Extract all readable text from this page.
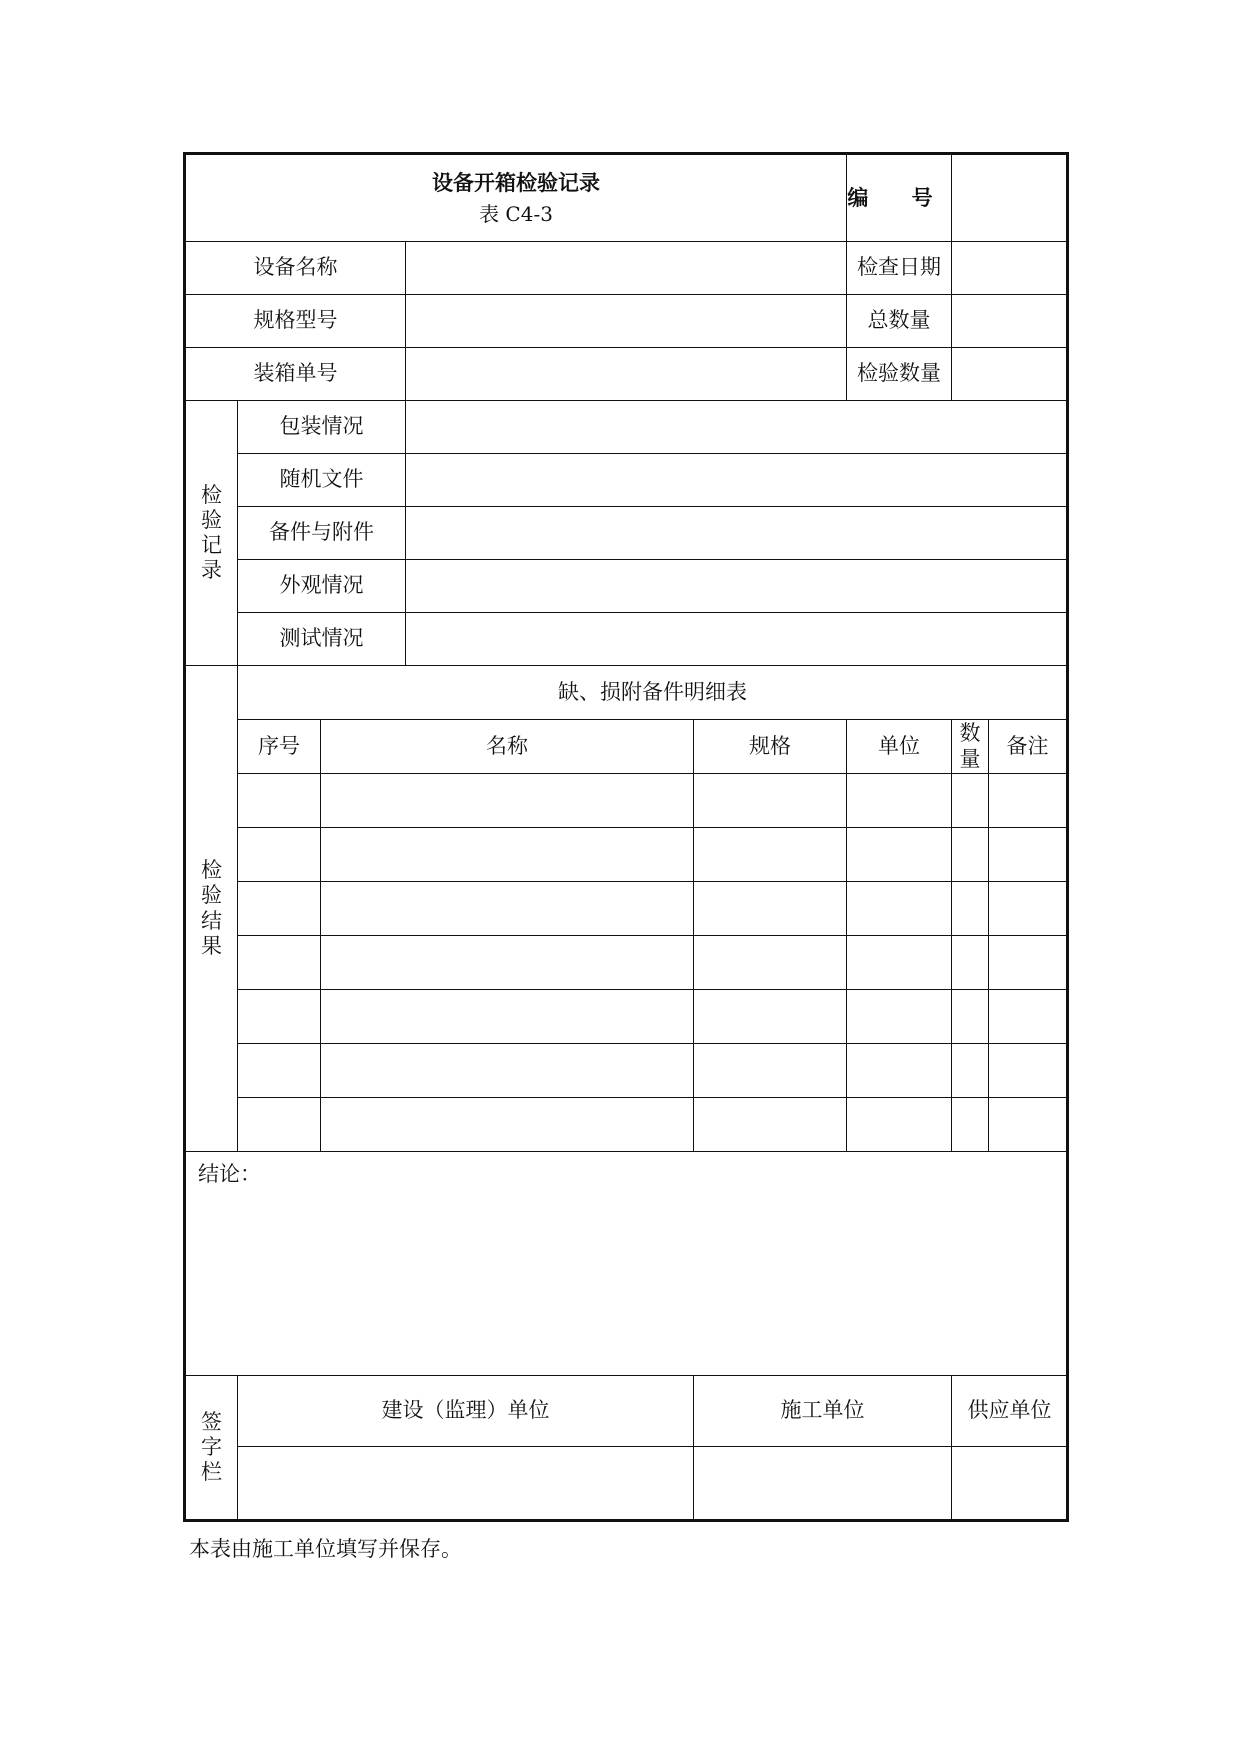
设备开箱检验记录
表 C4-3					编 号		
设备名称					检查日期		
规格型号					总数量		
装箱单号					检验数量		

检
验
记
录	包装情况						
	随机文件						
	备件与附件						
	外观情况						
	测试情况						

检
验
结
果	缺、损附备件明细表						
	序号	名称		规格	单位	数量	备注

结论：							

签
字
栏	建设（监理）单位			施工单位		供应单位	

本表由施工单位填写并保存。
